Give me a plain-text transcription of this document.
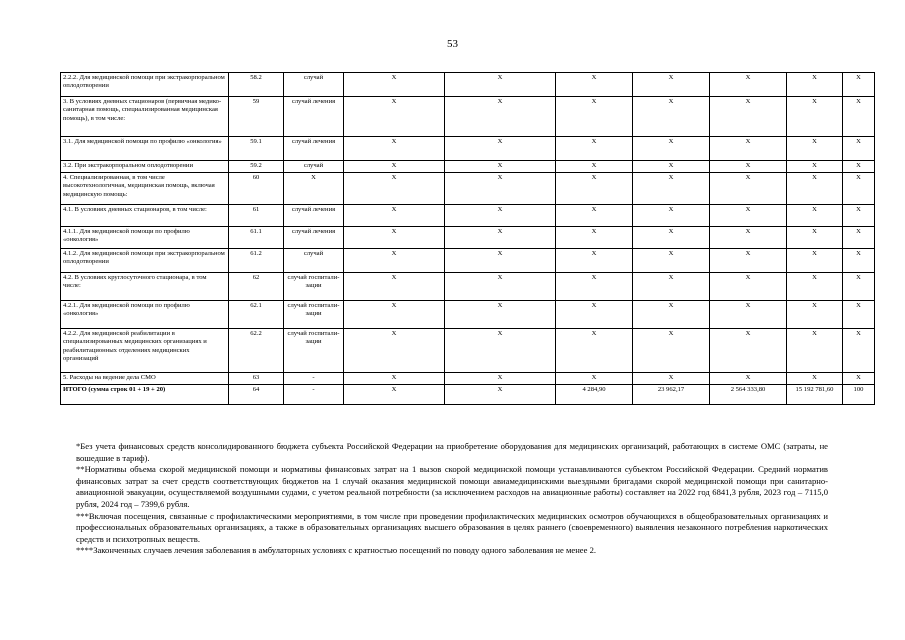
53
2.2.2. Для медицинской помощи при экстракорпоральном оплодотворении	58.2	случай	Х	Х	Х	Х	Х	Х	Х
3. В условиях дневных стационаров (первичная медико- санитарная помощь, специализированная медицинская помощь), в том числе:	59	случай лечения	Х	Х	Х	Х	Х	Х	Х
3.1. Для медицинской помощи по профилю «онкология»	59.1	случай лечения	Х	Х	Х	Х	Х	Х	Х
3.2. При экстракорпоральном оплодотворении	59.2	случай	Х	Х	Х	Х	Х	Х	Х
4. Специализированная, в том числе высокотехнологичная, медицинская помощь, включая медицинскую помощь:	60	Х	Х	Х	Х	Х	Х	Х	Х
4.1. В условиях дневных стационаров, в том числе:	61	случай лечения	Х	Х	Х	Х	Х	Х	Х
4.1.1. Для медицинской помощи по профилю «онкология»	61.1	случай лечения	Х	Х	Х	Х	Х	Х	Х
4.1.2. Для медицинской помощи при экстракорпоральном оплодотворении	61.2	случай	Х	Х	Х	Х	Х	Х	Х
4.2. В условиях круглосуточного стационара, в том числе:	62	случай госпитали-зации	Х	Х	Х	Х	Х	Х	Х
4.2.1. Для медицинской помощи по профилю «онкология»	62.1	случай госпитали-зации	Х	Х	Х	Х	Х	Х	Х
4.2.2. Для медицинской реабилитации в специализированных медицинских организациях и реабилитационных отделениях медицинских организаций	62.2	случай госпитали-зации	Х	Х	Х	Х	Х	Х	Х
5. Расходы на ведение дела СМО	63	-	Х	Х	Х	Х	Х	Х	Х
ИТОГО (сумма строк 01 + 19 + 20)	64	-	Х	Х	4 284,90	23 962,17	2 564 333,80	15 192 781,60	100

*Без учета финансовых средств консолидированного бюджета субъекта Российской Федерации на приобретение оборудования для медицинских организаций, работающих в системе ОМС (затраты, не вошедшие в тариф).

**Нормативы объема скорой медицинской помощи и нормативы финансовых затрат на 1 вызов скорой медицинской помощи устанавливаются субъектом Российской Федерации. Средний норматив финансовых затрат за счет средств соответствующих бюджетов на 1 случай оказания медицинской помощи авиамедицинскими выездными бригадами скорой медицинской помощи при санитарно-авиационной эвакуации, осуществляемой воздушными судами, с учетом реальной потребности (за исключением расходов на авиационные работы) составляет на 2022 год 6841,3 рубля, 2023 год – 7115,0 рубля, 2024 год – 7399,6 рубля.

***Включая посещения, связанные с профилактическими мероприятиями, в том числе при проведении профилактических медицинских осмотров обучающихся в общеобразовательных организациях и профессиональных образовательных организациях, а также в образовательных организациях высшего образования в целях раннего (своевременного) выявления незаконного потребления наркотических средств и психотропных веществ.

****Законченных случаев лечения заболевания в амбулаторных условиях с кратностью посещений по поводу одного заболевания не менее 2.
